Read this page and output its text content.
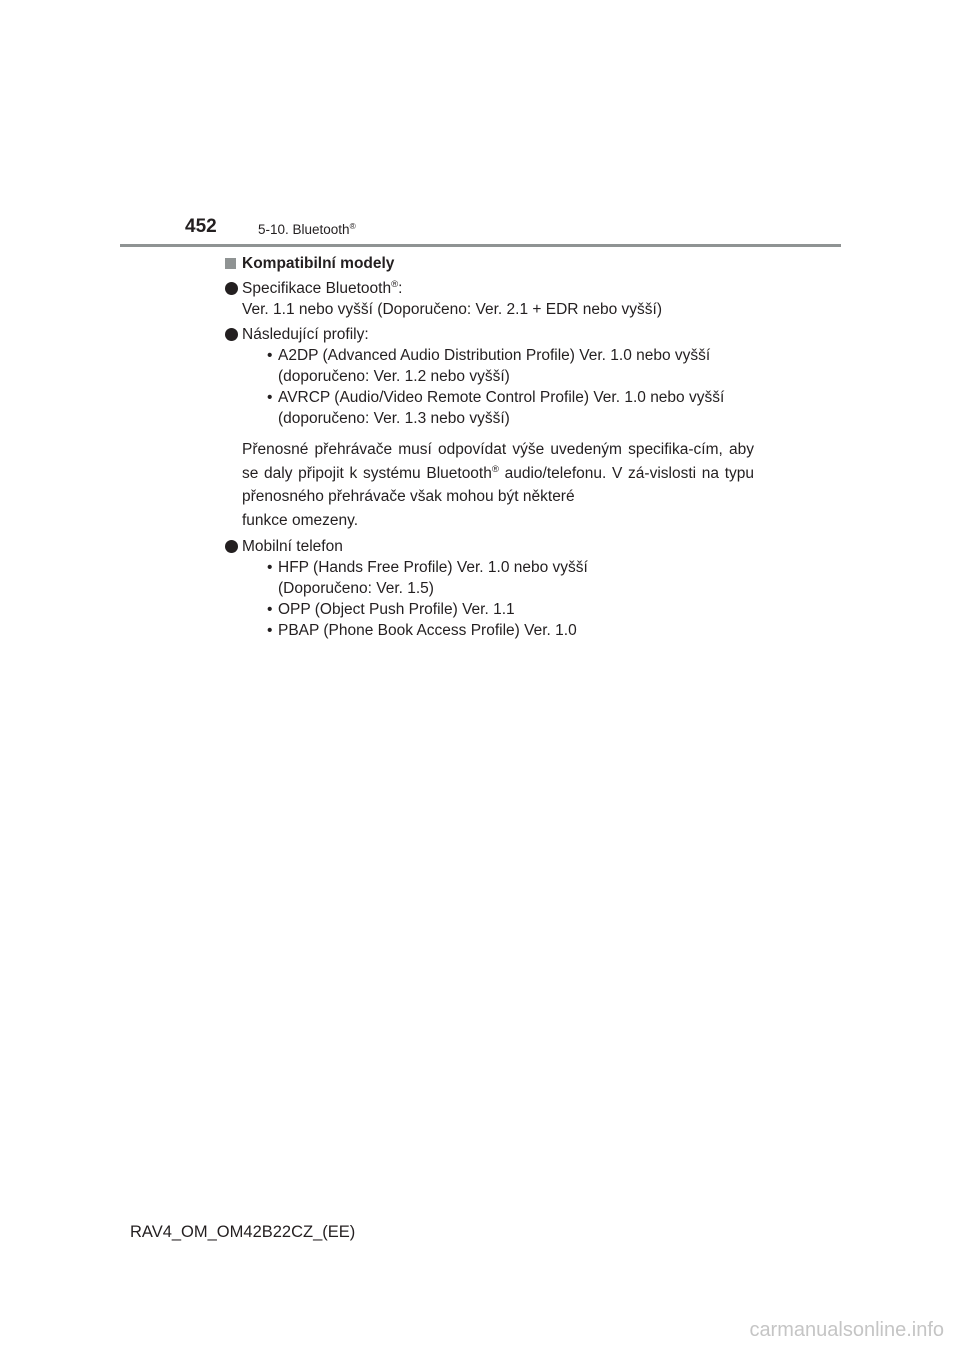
452	5-10. Bluetooth®
Kompatibilní modely
Specifikace Bluetooth®:
Ver. 1.1 nebo vyšší (Doporučeno: Ver. 2.1 + EDR nebo vyšší)
Následující profily:
• A2DP (Advanced Audio Distribution Profile) Ver. 1.0 nebo vyšší
(doporučeno: Ver. 1.2 nebo vyšší)
• AVRCP (Audio/Video Remote Control Profile) Ver. 1.0 nebo vyšší
(doporučeno: Ver. 1.3 nebo vyšší)
Přenosné přehrávače musí odpovídat výše uvedeným specifika-cím, aby se daly připojit k systému Bluetooth® audio/telefonu. V zá-vislosti na typu přenosného přehrávače však mohou být některé
funkce omezeny.
Mobilní telefon
• HFP (Hands Free Profile) Ver. 1.0 nebo vyšší
(Doporučeno: Ver. 1.5)
• OPP (Object Push Profile) Ver. 1.1
• PBAP (Phone Book Access Profile) Ver. 1.0
RAV4_OM_OM42B22CZ_(EE)
carmanualsonline.info
